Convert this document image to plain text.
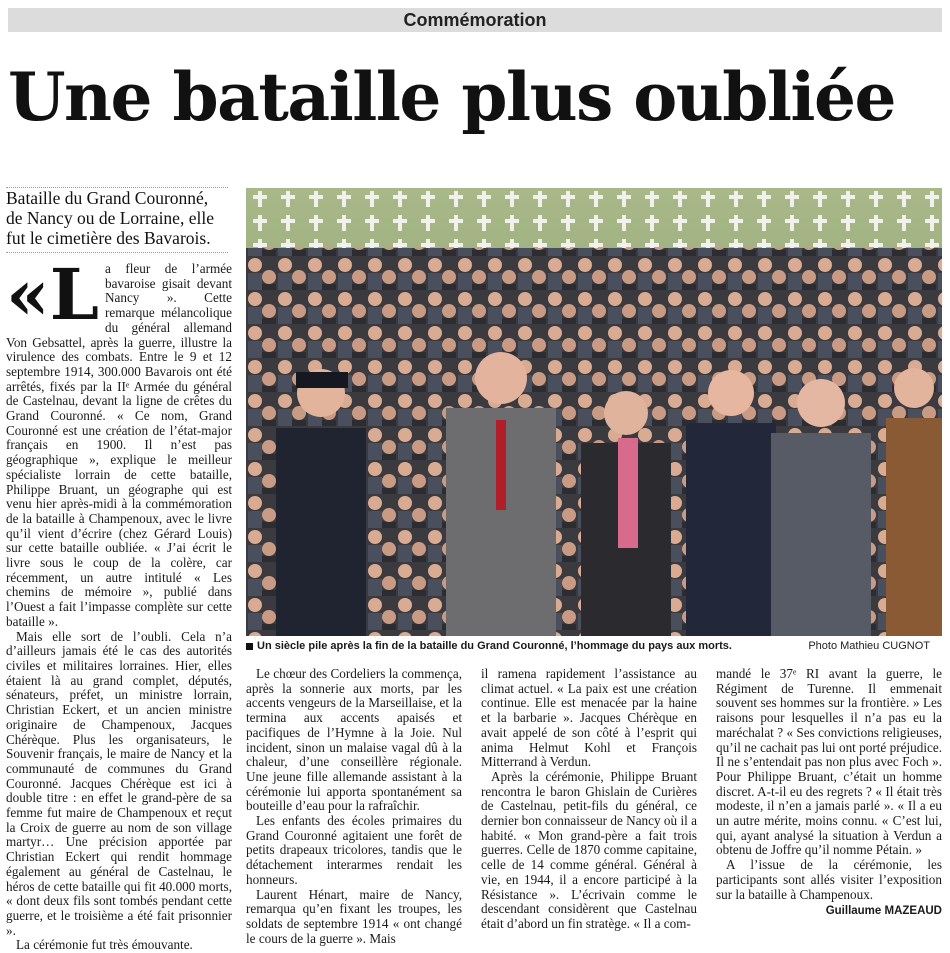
Commémoration
Une bataille plus oubliée
Bataille du Grand Couronné, de Nancy ou de Lorraine, elle fut le cimetière des Bavarois.
Un siècle pile après la fin de la bataille du Grand Couronné, l’hommage du pays aux morts.	Photo Mathieu CUGNOT
«L a fleur de l’armée bavaroise gisait devant Nancy ». Cette remarque mélancolique du général allemand Von Gebsattel, après la guerre, illustre la virulence des combats. Entre le 9 et 12 septembre 1914, 300.000 Bavarois ont été arrêtés, fixés par la IIᵉ Armée du général de Castelnau, devant la ligne de crêtes du Grand Couronné. « Ce nom, Grand Couronné est une création de l’état-major français en 1900. Il n’est pas géographique », explique le meilleur spécialiste lorrain de cette bataille, Philippe Bruant, un géographe qui est venu hier après-midi à la commémoration de la bataille à Champenoux, avec le livre qu’il vient d’écrire (chez Gérard Louis) sur cette bataille oubliée. « J’ai écrit le livre sous le coup de la colère, car récemment, un autre intitulé « Les chemins de mémoire », publié dans l’Ouest a fait l’impasse complète sur cette bataille ».

Mais elle sort de l’oubli. Cela n’a d’ailleurs jamais été le cas des autorités civiles et militaires lorraines. Hier, elles étaient là au grand complet, députés, sénateurs, préfet, un ministre lorrain, Christian Eckert, et un ancien ministre originaire de Champenoux, Jacques Chérèque. Plus les organisateurs, le Souvenir français, le maire de Nancy et la communauté de communes du Grand Couronné. Jacques Chérèque est ici à double titre : en effet le grand-père de sa femme fut maire de Champenoux et reçut la Croix de guerre au nom de son village martyr… Une précision apportée par Christian Eckert qui rendit hommage également au général de Castelnau, le héros de cette bataille qui fit 40.000 morts, « dont deux fils sont tombés pendant cette guerre, et le troisième a été fait prisonnier ».

La cérémonie fut très émouvante.

Le chœur des Cordeliers la commença, après la sonnerie aux morts, par les accents vengeurs de la Marseillaise, et la termina aux accents apaisés et pacifiques de l’Hymne à la Joie. Nul incident, sinon un malaise vagal dû à la chaleur, d’une conseillère régionale. Une jeune fille allemande assistant à la cérémonie lui apporta spontanément sa bouteille d’eau pour la rafraîchir.

Les enfants des écoles primaires du Grand Couronné agitaient une forêt de petits drapeaux tricolores, tandis que le détachement interarmes rendait les honneurs.

Laurent Hénart, maire de Nancy, remarqua qu’en fixant les troupes, les soldats de septembre 1914 « ont changé le cours de la guerre ». Mais

il ramena rapidement l’assistance au climat actuel. « La paix est une création continue. Elle est menacée par la haine et la barbarie ». Jacques Chérèque en avait appelé de son côté à l’esprit qui anima Helmut Kohl et François Mitterrand à Verdun.

Après la cérémonie, Philippe Bruant rencontra le baron Ghislain de Curières de Castelnau, petit-fils du général, ce dernier bon connaisseur de Nancy où il a habité. « Mon grand-père a fait trois guerres. Celle de 1870 comme capitaine, celle de 14 comme général. Général à vie, en 1944, il a encore participé à la Résistance ». L’écrivain comme le descendant considèrent que Castelnau était d’abord un fin stratège. « Il a com-

mandé le 37ᵉ RI avant la guerre, le Régiment de Turenne. Il emmenait souvent ses hommes sur la frontière. » Les raisons pour lesquelles il n’a pas eu la maréchalat ? « Ses convictions religieuses, qu’il ne cachait pas lui ont porté préjudice. Il ne s’entendait pas non plus avec Foch ». Pour Philippe Bruant, c’était un homme discret. A-t-il eu des regrets ? « Il était très modeste, il n’en a jamais parlé ». « Il a eu un autre mérite, moins connu. « C’est lui, qui, ayant analysé la situation à Verdun a obtenu de Joffre qu’il nomme Pétain. »

A l’issue de la cérémonie, les participants sont allés visiter l’exposition sur la bataille à Champenoux.

Guillaume MAZEAUD
